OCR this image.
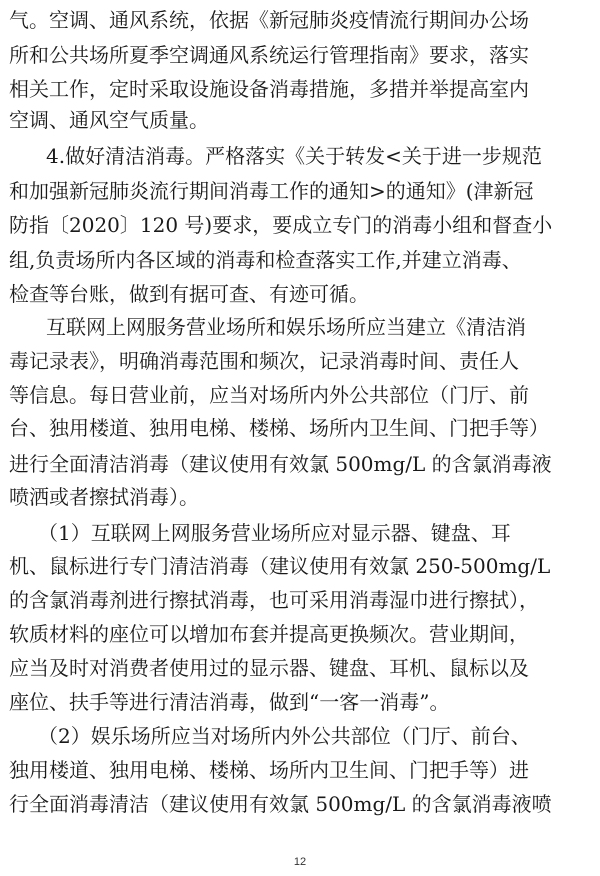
气。空调、通风系统，依据《新冠肺炎疫情流行期间办公场
所和公共场所夏季空调通风系统运行管理指南》要求，落实
相关工作，定时采取设施设备消毒措施，多措并举提高室内
空调、通风空气质量。
4.做好清洁消毒。严格落实《关于转发<关于进一步规范
和加强新冠肺炎流行期间消毒工作的通知>的通知》(津新冠
防指〔2020〕120 号)要求，要成立专门的消毒小组和督查小
组,负责场所内各区域的消毒和检查落实工作,并建立消毒、
检查等台账，做到有据可查、有迹可循。
互联网上网服务营业场所和娱乐场所应当建立《清洁消
毒记录表》，明确消毒范围和频次，记录消毒时间、责任人
等信息。每日营业前，应当对场所内外公共部位（门厅、前
台、独用楼道、独用电梯、楼梯、场所内卫生间、门把手等）
进行全面清洁消毒（建议使用有效氯 500mg/L 的含氯消毒液
喷洒或者擦拭消毒）。
（1）互联网上网服务营业场所应对显示器、键盘、耳
机、鼠标进行专门清洁消毒（建议使用有效氯 250-500mg/L
的含氯消毒剂进行擦拭消毒，也可采用消毒湿巾进行擦拭），
软质材料的座位可以增加布套并提高更换频次。营业期间，
应当及时对消费者使用过的显示器、键盘、耳机、鼠标以及
座位、扶手等进行清洁消毒，做到“一客一消毒”。
（2）娱乐场所应当对场所内外公共部位（门厅、前台、
独用楼道、独用电梯、楼梯、场所内卫生间、门把手等）进
行全面消毒清洁（建议使用有效氯 500mg/L 的含氯消毒液喷
12
